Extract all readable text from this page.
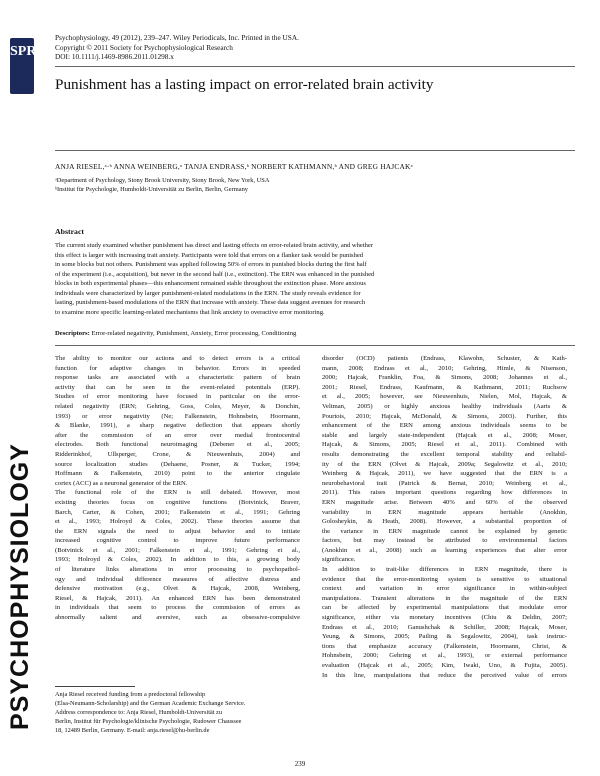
SPR
PSYCHOPHYSIOLOGY
Psychophysiology, 49 (2012), 239–247. Wiley Periodicals, Inc. Printed in the USA.
Copyright © 2011 Society for Psychophysiological Research
DOI: 10.1111/j.1469-8986.2011.01298.x
Punishment has a lasting impact on error-related brain activity
ANJA RIESEL,ᵃ·ᵇ ANNA WEINBERG,ᵃ TANJA ENDRASS,ᵇ NORBERT KATHMANN,ᵇ AND GREG HAJCAKᵃ
ᵃDepartment of Psychology, Stony Brook University, Stony Brook, New York, USA
ᵇInstitut für Psychologie, Humboldt-Universität zu Berlin, Berlin, Germany
Abstract
The current study examined whether punishment has direct and lasting effects on error-related brain activity, and whether
this effect is larger with increasing trait anxiety. Participants were told that errors on a flanker task would be punished
in some blocks but not others. Punishment was applied following 50% of errors in punished blocks during the first half
of the experiment (i.e., acquisition), but never in the second half (i.e., extinction). The ERN was enhanced in the punished
blocks in both experimental phases—this enhancement remained stable throughout the extinction phase. More anxious
individuals were characterized by larger punishment-related modulations in the ERN. The study reveals evidence for
lasting, punishment-based modulations of the ERN that increase with anxiety. These data suggest avenues for research
to examine more specific learning-related mechanisms that link anxiety to overactive error monitoring.
Descriptors: Error-related negativity, Punishment, Anxiety, Error processing, Conditioning
The ability to monitor our actions and to detect errors is a critical
function for adaptive changes in behavior. Errors in speeded
response tasks are associated with a characteristic pattern of brain
activity that can be seen in the event-related potentials (ERP).
Studies of error monitoring have focused in particular on the error-
related negativity (ERN; Gehring, Goss, Coles, Meyer, & Donchin,
1993) or error negativity (Ne; Falkenstein, Hohnsbein, Hoormann,
& Blanke, 1991), a sharp negative deflection that appears shortly
after the commission of an error over medial frontocentral
electrodes. Both functional neuroimaging (Debener et al., 2005;
Ridderinkhof, Ullsperger, Crone, & Nieuwenhuis, 2004) and
source localization studies (Dehaene, Posner, & Tucker, 1994;
Hoffmann & Falkenstein, 2010) point to the anterior cingulate
cortex (ACC) as a neuronal generator of the ERN.
The functional role of the ERN is still debated. However, most
existing theories focus on cognitive functions (Botvinick, Braver,
Barch, Carter, & Cohen, 2001; Falkenstein et al., 1991; Gehring
et al., 1993; Holroyd & Coles, 2002). These theories assume that
the ERN signals the need to adjust behavior and to initiate
increased cognitive control to improve future performance
(Botvinick et al., 2001; Falkenstein et al., 1991; Gehring et al.,
1993; Holroyd & Coles, 2002). In addition to this, a growing body
of literature links alterations in error processing to psychopathol-
ogy and individual difference measures of affective distress and
defensive motivation (e.g., Olvet & Hajcak, 2008, Weinberg,
Riesel, & Hajcak, 2011). An enhanced ERN has been demonstrated
in individuals that seem to process the commission of errors as
abnormally salient and aversive, such as obsessive-compulsive
disorder (OCD) patients (Endrass, Klawohn, Schuster, & Kath-
mann, 2008; Endrass et al., 2010; Gehring, Himle, & Nisenson,
2000; Hajcak, Franklin, Foa, & Simons, 2008; Johannes et al.,
2001; Riesel, Endrass, Kaufmann, & Kathmann, 2011; Ruchsow
et al., 2005; however, see Nieuwenhuis, Nielen, Mol, Hajcak, &
Veltman, 2005) or highly anxious healthy individuals (Aarts &
Pourtois, 2010; Hajcak, McDonald, & Simons, 2003). Further, this
enhancement of the ERN among anxious individuals seems to be
stable and largely state-independent (Hajcak et al., 2008; Moser,
Hajcak, & Simons, 2005; Riesel et al., 2011). Combined with
results demonstrating the excellent temporal stability and reliabil-
ity of the ERN (Olvet & Hajcak, 2009a; Segalowitz et al., 2010;
Weinberg & Hajcak, 2011), we have suggested that the ERN is a
neurobehavioral trait (Patrick & Bernat, 2010; Weinberg et al.,
2011). This raises important questions regarding how differences in
ERN magnitude arise. Between 40% and 60% of the observed
variability in ERN magnitude appears heritable (Anokhin,
Golosheykin, & Heath, 2008). However, a substantial proportion of
the variance in ERN magnitude cannot be explained by genetic
factors, but may instead be attributed to environmental factors
(Anokhin et al., 2008) such as learning experiences that alter error
significance.
In addition to trait-like differences in ERN magnitude, there is
evidence that the error-monitoring system is sensitive to situational
context and variation in error significance in within-subject
manipulations. Transient alterations in the magnitude of the ERN
can be affected by experimental manipulations that modulate error
significance, either via monetary incentives (Chiu & Deldin, 2007;
Endrass et al., 2010; Ganushchak & Schiller, 2008; Hajcak, Moser,
Yeung, & Simons, 2005; Pailing & Segalowitz, 2004), task instruc-
tions that emphasize accuracy (Falkenstein, Hoormann, Christ, &
Hohnsbein, 2000; Gehring et al., 1993), or external performance
evaluation (Hajcak et al., 2005; Kim, Iwaki, Uno, & Fujita, 2005).
In this line, manipulations that reduce the perceived value of errors
Anja Riesel received funding from a predoctoral fellowship
(Elsa-Neumann-Scholarship) and the German Academic Exchange Service.
Address correspondence to: Anja Riesel, Humboldt-Universität zu
Berlin, Institut für Psychologie/klinische Psychologie, Rudower Chaussee
18, 12489 Berlin, Germany. E-mail: anja.riesel@hu-berlin.de
239
